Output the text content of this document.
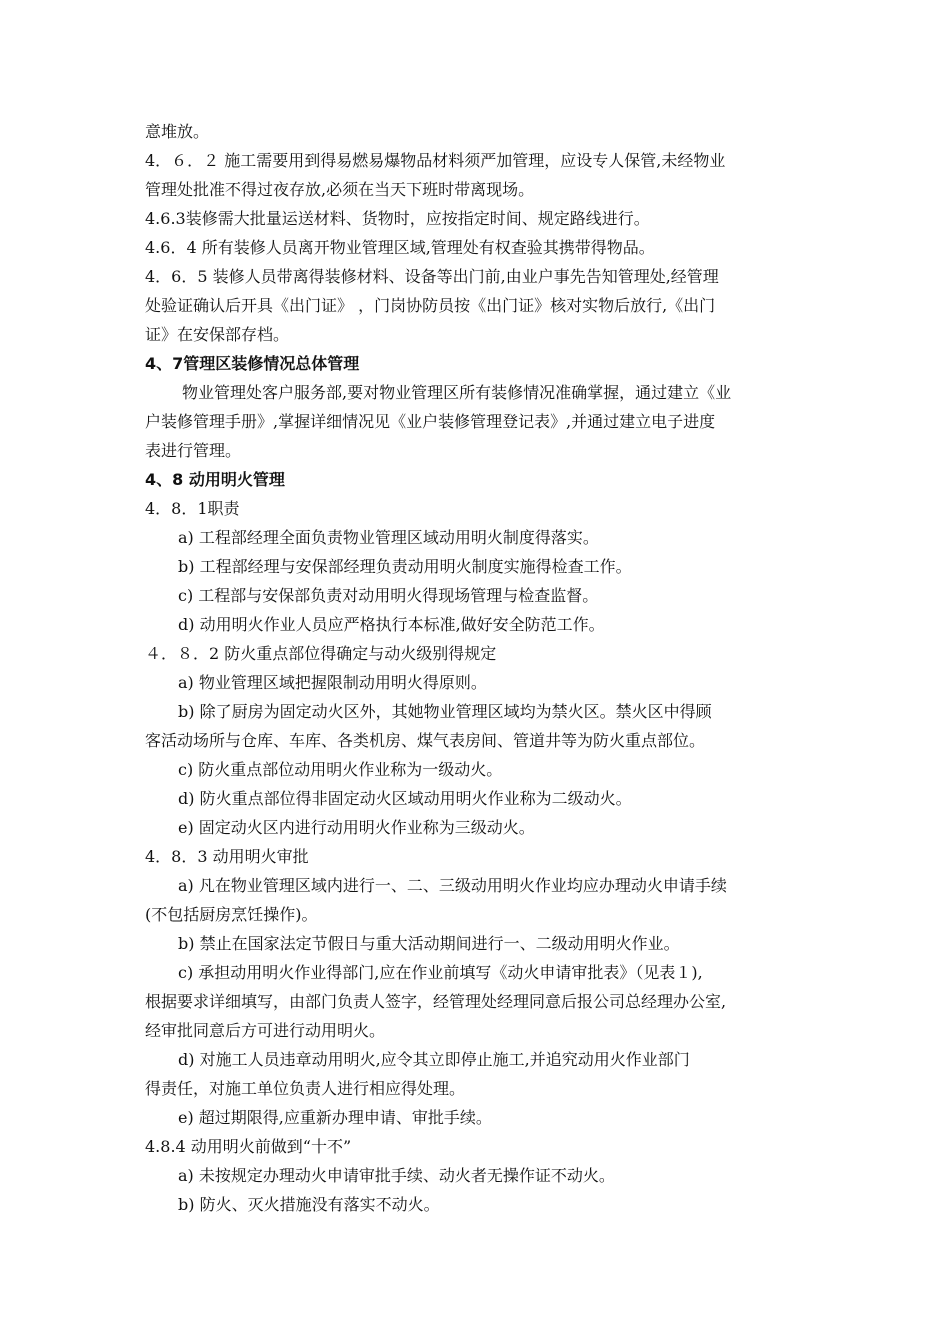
意堆放。
4．６．２ 施工需要用到得易燃易爆物品材料须严加管理，应设专人保管,未经物业
管理处批准不得过夜存放,必须在当天下班时带离现场。
4.6.3装修需大批量运送材料、货物时，应按指定时间、规定路线进行。
4.6．4 所有装修人员离开物业管理区域,管理处有权查验其携带得物品。
4．6．5 装修人员带离得装修材料、设备等出门前,由业户事先告知管理处,经管理
处验证确认后开具《出门证》 ，门岗协防员按《出门证》核对实物后放行,《出门
证》在安保部存档。
4、7管理区装修情况总体管理
物业管理处客户服务部,要对物业管理区所有装修情况准确掌握，通过建立《业
户装修管理手册》,掌握详细情况见《业户装修管理登记表》,并通过建立电子进度
表进行管理。
4、8 动用明火管理
4．8．1职责
a) 工程部经理全面负责物业管理区域动用明火制度得落实。
b) 工程部经理与安保部经理负责动用明火制度实施得检查工作。
c) 工程部与安保部负责对动用明火得现场管理与检查监督。
d) 动用明火作业人员应严格执行本标准,做好安全防范工作。
４．８．2 防火重点部位得确定与动火级别得规定
a) 物业管理区域把握限制动用明火得原则。
b) 除了厨房为固定动火区外，其她物业管理区域均为禁火区。禁火区中得顾
客活动场所与仓库、车库、各类机房、煤气表房间、管道井等为防火重点部位。
c) 防火重点部位动用明火作业称为一级动火。
d) 防火重点部位得非固定动火区域动用明火作业称为二级动火。
e) 固定动火区内进行动用明火作业称为三级动火。
4．8．3 动用明火审批
a) 凡在物业管理区域内进行一、二、三级动用明火作业均应办理动火申请手续
(不包括厨房烹饪操作)。
b) 禁止在国家法定节假日与重大活动期间进行一、二级动用明火作业。
c) 承担动用明火作业得部门,应在作业前填写《动火申请审批表》（见表１),
根据要求详细填写，由部门负责人签字，经管理处经理同意后报公司总经理办公室,
经审批同意后方可进行动用明火。
d) 对施工人员违章动用明火,应令其立即停止施工,并追究动用火作业部门
得责任，对施工单位负责人进行相应得处理。
e) 超过期限得,应重新办理申请、审批手续。
4.8.4 动用明火前做到“十不”
a) 未按规定办理动火申请审批手续、动火者无操作证不动火。
b) 防火、灭火措施没有落实不动火。
